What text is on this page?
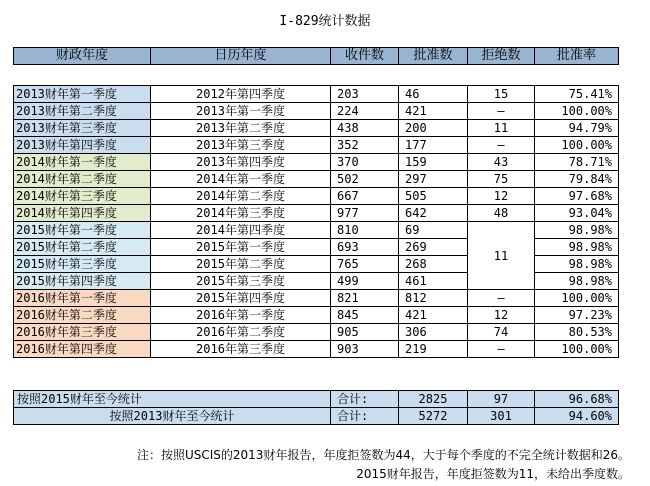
I-829统计数据
财政年度	日历年度	收件数	批准数	拒绝数	批准率
2013财年第一季度	2012年第四季度	203	46	15	75.41%
2013财年第二季度	2013年第一季度	224	421	–	100.00%
2013财年第三季度	2013年第二季度	438	200	11	94.79%
2013财年第四季度	2013年第三季度	352	177	–	100.00%
2014财年第一季度	2013年第四季度	370	159	43	78.71%
2014财年第二季度	2014年第一季度	502	297	75	79.84%
2014财年第三季度	2014年第二季度	667	505	12	97.68%
2014财年第四季度	2014年第三季度	977	642	48	93.04%
2015财年第一季度	2014年第四季度	810	69	11	98.98%
2015财年第二季度	2015年第一季度	693	269		98.98%
2015财年第三季度	2015年第二季度	765	268		98.98%
2015财年第四季度	2015年第三季度	499	461		98.98%
2016财年第一季度	2015年第四季度	821	812	–	100.00%
2016财年第二季度	2016年第一季度	845	421	12	97.23%
2016财年第三季度	2016年第二季度	905	306	74	80.53%
2016财年第四季度	2016年第三季度	903	219	–	100.00%
按照2015财年至今统计	合计:	2825	97	96.68%
按照2013财年至今统计	合计:	5272	301	94.60%
注：按照USCIS的2013财年报告，年度拒签数为44，大于每个季度的不完全统计数据和26。
2015财年报告，年度拒签数为11，未给出季度数。
